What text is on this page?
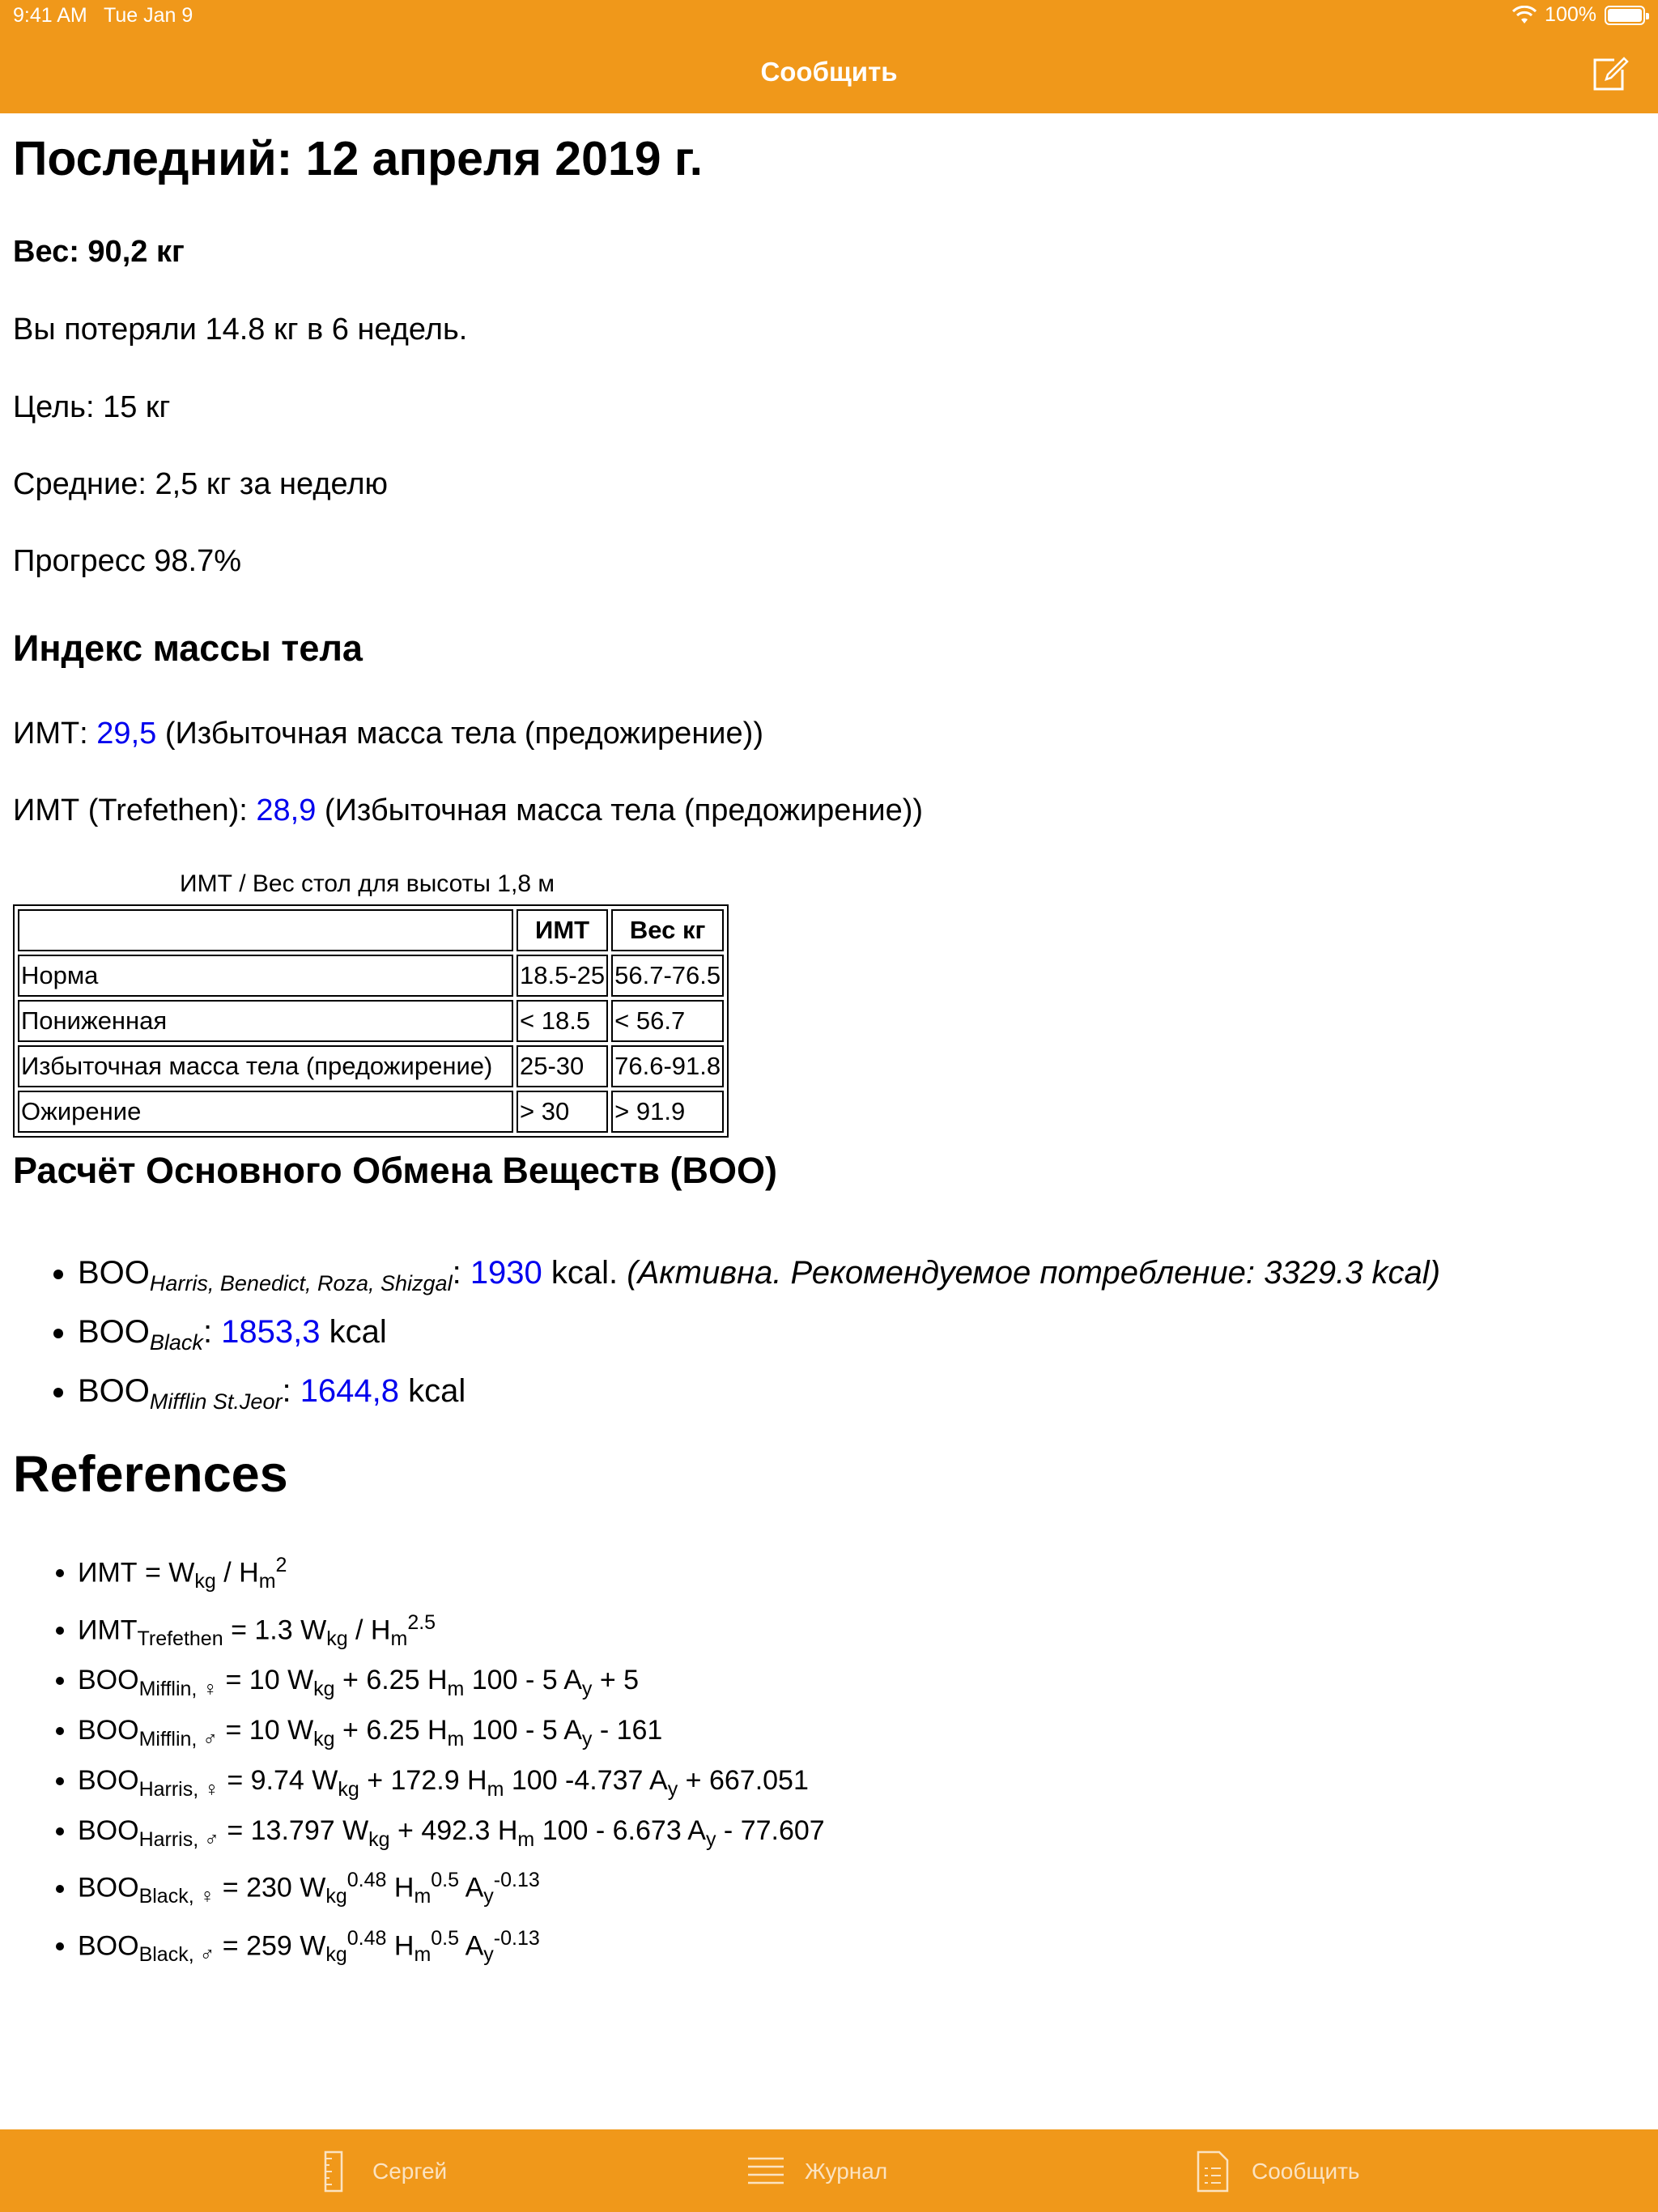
9:41 AM Tue Jan 9	100%
Сообщить
Последний: 12 апреля 2019 г.
Вес: 90,2 кг
Вы потеряли 14.8 кг в 6 недель.
Цель: 15 кг
Средние: 2,5 кг за неделю
Прогресс 98.7%
Индекс массы тела
ИМТ: 29,5 (Избыточная масса тела (предожирение))
ИМТ (Trefethen): 28,9 (Избыточная масса тела (предожирение))
ИМТ / Вес стол для высоты 1,8 м
	ИМТ	Вес кг
Норма	18.5-25	56.7-76.5
Пониженная	< 18.5	< 56.7
Избыточная масса тела (предожирение)	25-30	76.6-91.8
Ожирение	> 30	> 91.9
Расчёт Основного Обмена Веществ (BOO)
• $BOO_{Harris, Benedict, Roza, Shizgal}$: 1930 kcal. (Активна. Рекомендуемое потребление: 3329.3 kcal)
• $BOO_{Black}$: 1853,3 kcal
• $BOO_{Mifflin St.Jeor}$: 1644,8 kcal
References
• ИМТ = $W_{kg} / H_m^2$
• $ИМТ_{Trefethen} = 1.3$ $W_{kg} / H_m^{2.5}$
• $BOO_{Mifflin, ♀} = 10$ $W_{kg} + 6.25$ $H_m$ 100 - 5 $A_y + 5$
• $BOO_{Mifflin, ♂} = 10$ $W_{kg} + 6.25$ $H_m$ 100 - 5 $A_y - 161$
• $BOO_{Harris, ♀} = 9.74$ $W_{kg} + 172.9$ $H_m$ 100 -4.737 $A_y + 667.051$
• $BOO_{Harris, ♂} = 13.797$ $W_{kg} + 492.3$ $H_m$ 100 - 6.673 $A_y - 77.607$
• $BOO_{Black, ♀} = 230$ $W_{kg}^{0.48}$ $H_m^{0.5}$ $A_y^{-0.13}$
• $BOO_{Black, ♂} = 259$ $W_{kg}^{0.48}$ $H_m^{0.5}$ $A_y^{-0.13}$
Сергей	Журнал	Сообщить
